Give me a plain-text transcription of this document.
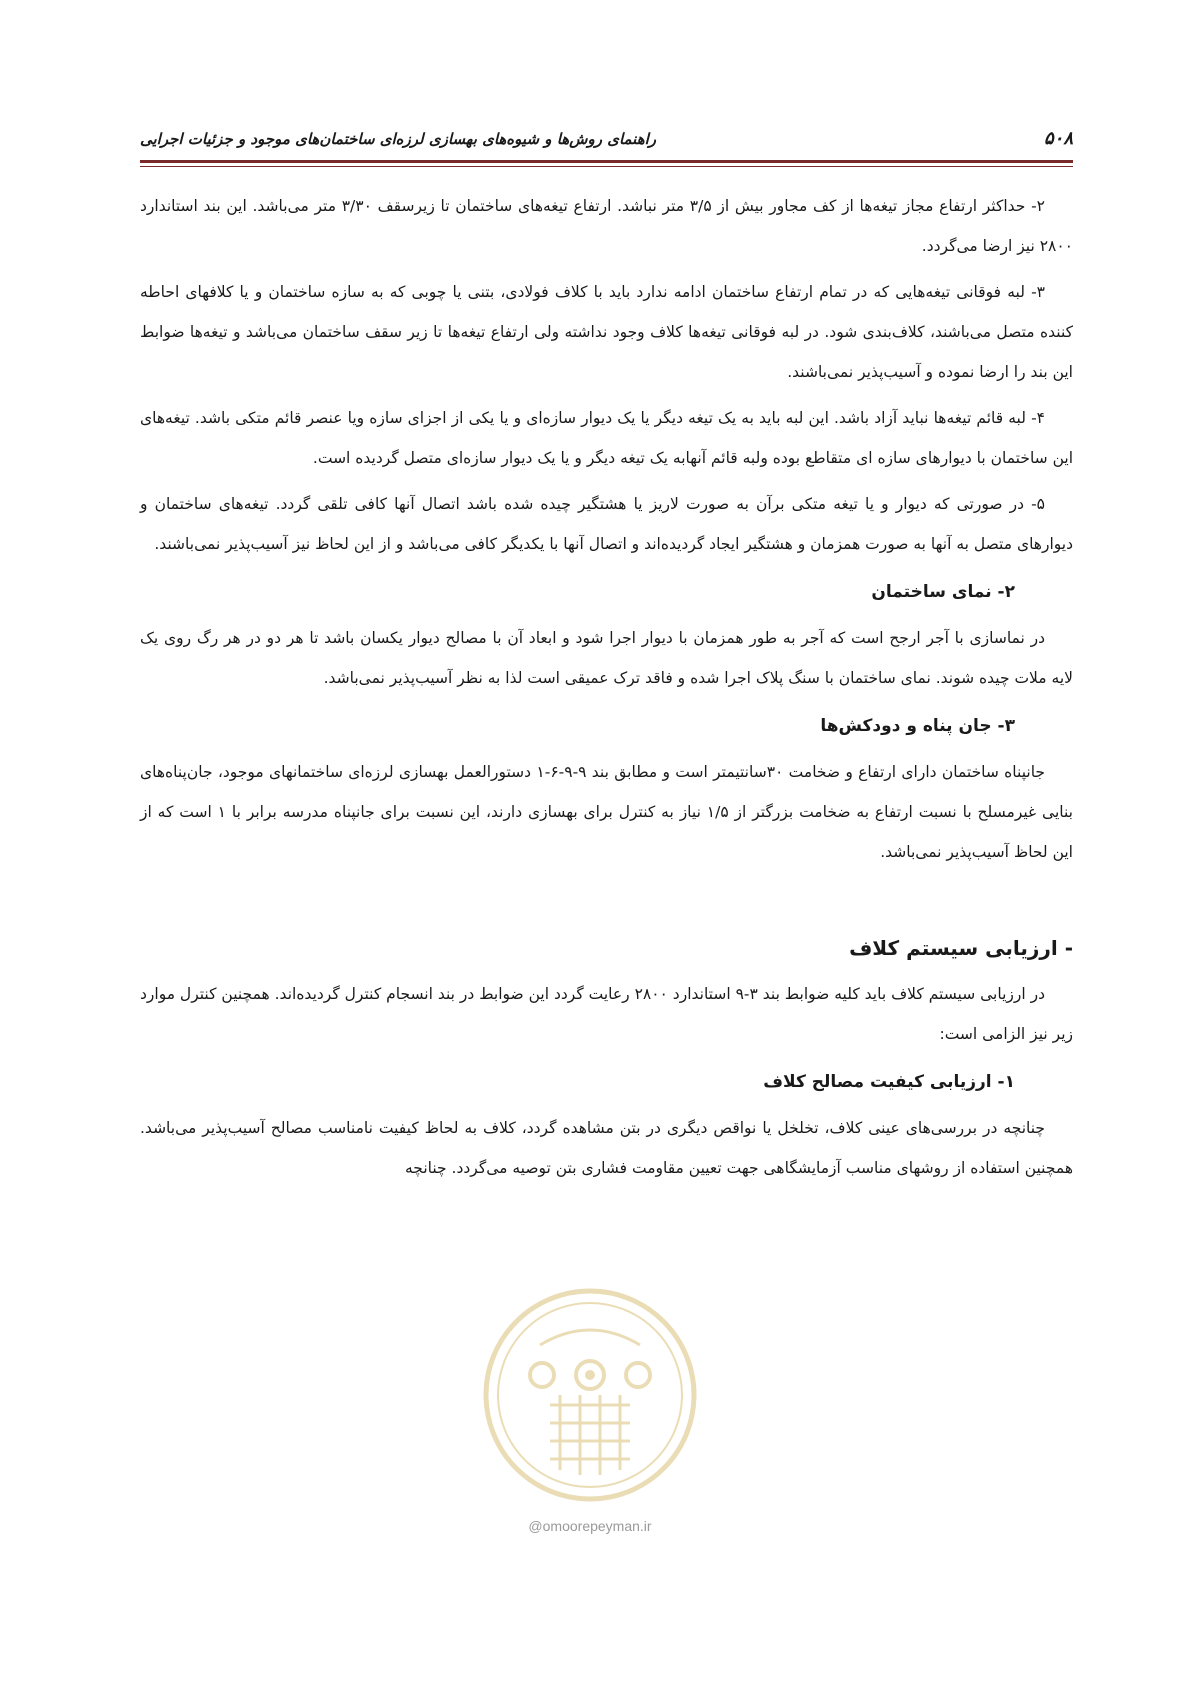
۵۰۸
راهنمای روش‌ها و شیوه‌های بهسازی لرزه‌ای ساختمان‌های موجود و جزئیات اجرایی

۲- حداکثر ارتفاع مجاز تیغه‌ها از کف مجاور بیش از ۳/۵ متر نباشد. ارتفاع تیغه‌های ساختمان تا زیرسقف ۳/۳۰ متر می‌باشد. این بند استاندارد ۲۸۰۰ نیز ارضا می‌گردد.

۳- لبه فوقانی تیغه‌هایی که در تمام ارتفاع ساختمان ادامه ندارد باید با کلاف فولادی، بتنی یا چوبی که به سازه ساختمان و یا کلافهای احاطه کننده متصل می‌باشند، کلاف‌بندی شود. در لبه فوقانی تیغه‌ها کلاف وجود نداشته ولی ارتفاع تیغه‌ها تا زیر سقف ساختمان می‌باشد و تیغه‌ها ضوابط این بند را ارضا نموده و آسیب‌پذیر نمی‌باشند.

۴- لبه قائم تیغه‌ها نباید آزاد باشد. این لبه باید به یک تیغه دیگر یا یک دیوار سازه‌ای و یا یکی از اجزای سازه ویا عنصر قائم متکی باشد. تیغه‌های این ساختمان با دیوارهای سازه ای متقاطع بوده ولبه قائم آنهابه یک تیغه دیگر و یا یک دیوار سازه‌ای متصل گردیده است.

۵- در صورتی که دیوار و یا تیغه متکی برآن به صورت لاریز یا هشتگیر چیده شده باشد اتصال آنها کافی تلقی گردد. تیغه‌های ساختمان و دیوارهای متصل به آنها به صورت همزمان و هشتگیر ایجاد گردیده‌اند و اتصال آنها با یکدیگر کافی می‌باشد و از این لحاظ نیز آسیب‌پذیر نمی‌باشند.

۲- نمای ساختمان

در نماسازی با آجر ارجح است که آجر به طور همزمان با دیوار اجرا شود و ابعاد آن با مصالح دیوار یکسان باشد تا هر دو در هر رگ روی یک لایه ملات چیده شوند. نمای ساختمان با سنگ پلاک اجرا شده و فاقد ترک عمیقی است لذا به نظر آسیب‌پذیر نمی‌باشد.

۳- جان پناه و دودکش‌ها

جانپناه ساختمان دارای ارتفاع و ضخامت ۳۰سانتیمتر است و مطابق بند ۹-۹-۶-۱ دستورالعمل بهسازی لرزه‌ای ساختمانهای موجود، جان‌پناه‌های بنایی غیرمسلح با نسبت ارتفاع به ضخامت بزرگتر از ۱/۵ نیاز به کنترل برای بهسازی دارند، این نسبت برای جانپناه مدرسه برابر با ۱ است که از این لحاظ آسیب‌پذیر نمی‌باشد.

- ارزیابی سیستم کلاف

در ارزیابی سیستم کلاف باید کلیه ضوابط بند ۳-۹ استاندارد ۲۸۰۰ رعایت گردد این ضوابط در بند انسجام کنترل گردیده‌اند. همچنین کنترل موارد زیر نیز الزامی است:

۱- ارزیابی کیفیت مصالح کلاف

چنانچه در بررسی‌های عینی کلاف، تخلخل یا نواقص دیگری در بتن مشاهده گردد، کلاف به لحاظ کیفیت نامناسب مصالح آسیب‌پذیر می‌باشد. همچنین استفاده از روشهای مناسب آزمایشگاهی جهت تعیین مقاومت فشاری بتن توصیه می‌گردد. چنانچه

@omoorepeyman.ir
